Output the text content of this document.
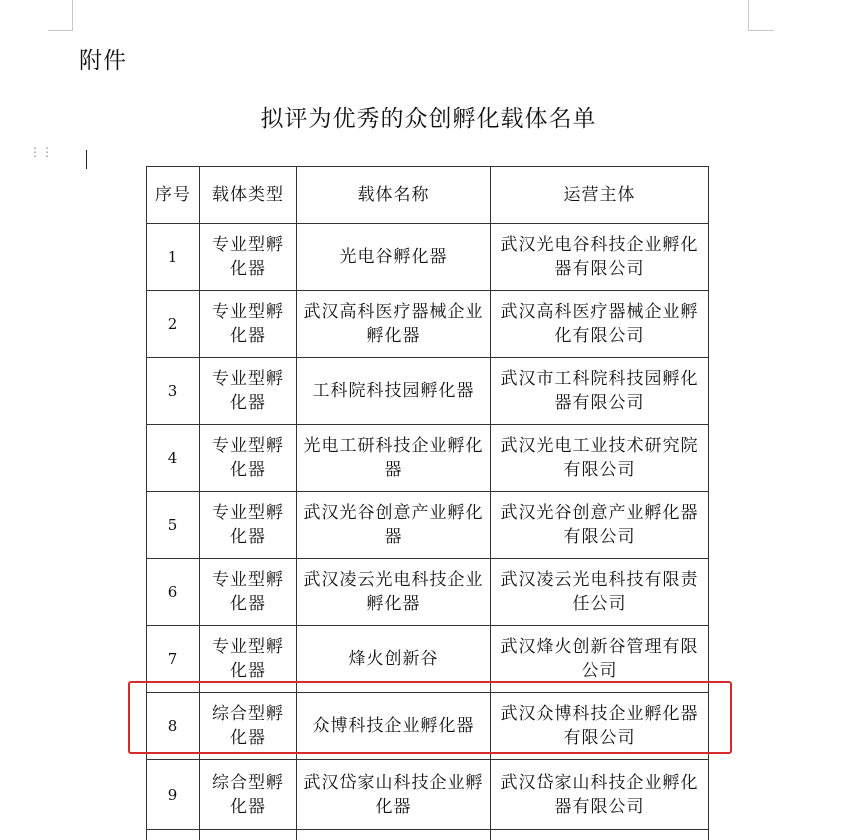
附件
拟评为优秀的众创孵化载体名单
⋮⋮
序号	载体类型	载体名称	运营主体
1	专业型孵化器	光电谷孵化器	武汉光电谷科技企业孵化器有限公司
2	专业型孵化器	武汉高科医疗器械企业孵化器	武汉高科医疗器械企业孵化有限公司
3	专业型孵化器	工科院科技园孵化器	武汉市工科院科技园孵化器有限公司
4	专业型孵化器	光电工研科技企业孵化器	武汉光电工业技术研究院有限公司
5	专业型孵化器	武汉光谷创意产业孵化器	武汉光谷创意产业孵化器有限公司
6	专业型孵化器	武汉凌云光电科技企业孵化器	武汉凌云光电科技有限责任公司
7	专业型孵化器	烽火创新谷	武汉烽火创新谷管理有限公司
8	综合型孵化器	众博科技企业孵化器	武汉众博科技企业孵化器有限公司
9	综合型孵化器	武汉岱家山科技企业孵化器	武汉岱家山科技企业孵化器有限公司
